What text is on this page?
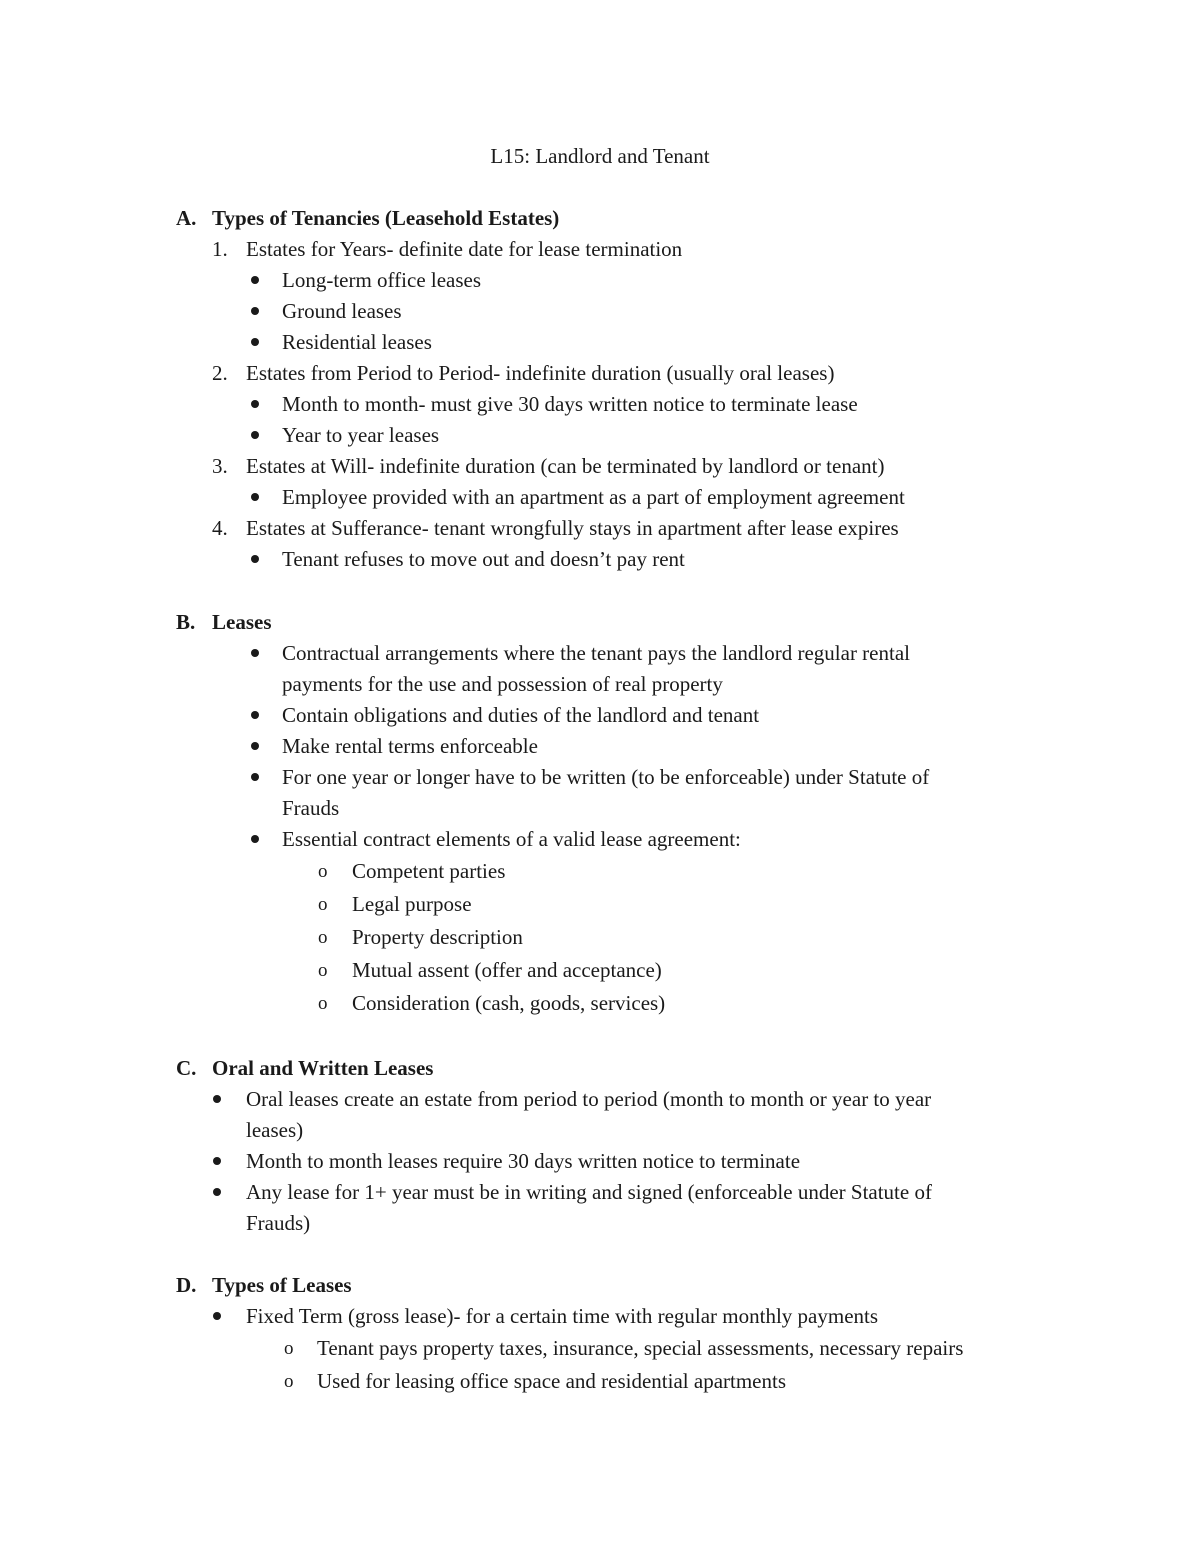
L15: Landlord and Tenant
A. Types of Tenancies (Leasehold Estates)
1. Estates for Years- definite date for lease termination
Long-term office leases
Ground leases
Residential leases
2. Estates from Period to Period- indefinite duration (usually oral leases)
Month to month- must give 30 days written notice to terminate lease
Year to year leases
3. Estates at Will- indefinite duration (can be terminated by landlord or tenant)
Employee provided with an apartment as a part of employment agreement
4. Estates at Sufferance- tenant wrongfully stays in apartment after lease expires
Tenant refuses to move out and doesn’t pay rent
B. Leases
Contractual arrangements where the tenant pays the landlord regular rental
payments for the use and possession of real property
Contain obligations and duties of the landlord and tenant
Make rental terms enforceable
For one year or longer have to be written (to be enforceable) under Statute of
Frauds
Essential contract elements of a valid lease agreement:
o Competent parties
o Legal purpose
o Property description
o Mutual assent (offer and acceptance)
o Consideration (cash, goods, services)
C. Oral and Written Leases
Oral leases create an estate from period to period (month to month or year to year
leases)
Month to month leases require 30 days written notice to terminate
Any lease for 1+ year must be in writing and signed (enforceable under Statute of
Frauds)
D. Types of Leases
Fixed Term (gross lease)- for a certain time with regular monthly payments
o Tenant pays property taxes, insurance, special assessments, necessary repairs
o Used for leasing office space and residential apartments
